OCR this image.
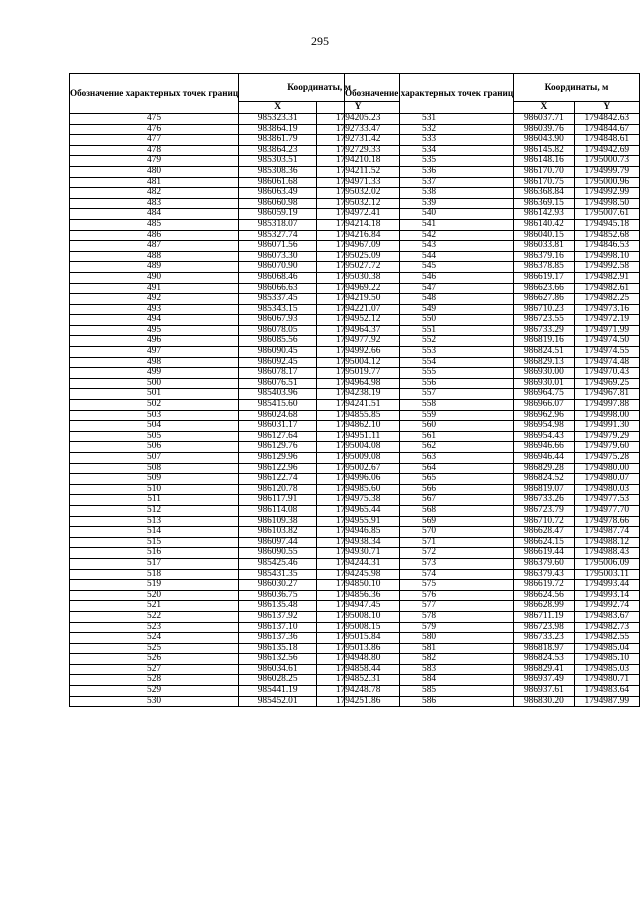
295
Обозначение характерных точек границ	Координаты, м	
	X	Y
475	985323.31	1794205.23
476	983864.19	1792733.47
477	983861.79	1792731.42
478	983864.23	1792729.33
479	985303.51	1794210.18
480	985308.36	1794211.52
481	986061.68	1794971.33
482	986063.49	1795032.02
483	986060.98	1795032.12
484	986059.19	1794972.41
485	985318.07	1794214.18
486	985327.74	1794216.84
487	986071.56	1794967.09
488	986073.30	1795025.09
489	986070.90	1795027.72
490	986068.46	1795030.38
491	986066.63	1794969.22
492	985337.45	1794219.50
493	985343.15	1794221.07
494	986067.93	1794952.12
495	986078.05	1794964.37
496	986085.56	1794977.92
497	986090.45	1794992.66
498	986092.45	1795004.12
499	986078.17	1795019.77
500	986076.51	1794964.98
501	985403.96	1794238.19
502	985415.60	1794241.51
503	986024.68	1794855.85
504	986031.17	1794862.10
505	986127.64	1794951.11
506	986129.76	1795004.08
507	986129.96	1795009.08
508	986122.96	1795002.67
509	986122.74	1794996.06
510	986120.78	1794985.60
511	986117.91	1794975.38
512	986114.08	1794965.44
513	986109.38	1794955.91
514	986103.82	1794946.85
515	986097.44	1794938.34
516	986090.55	1794930.71
517	985425.46	1794244.31
518	985431.35	1794245.98
519	986030.27	1794850.10
520	986036.75	1794856.36
521	986135.48	1794947.45
522	986137.92	1795008.10
523	986137.10	1795008.15
524	986137.36	1795015.84
525	986135.18	1795013.86
526	986132.56	1794948.80
527	986034.61	1794858.44
528	986028.25	1794852.31
529	985441.19	1794248.78
530	985452.01	1794251.86
Обозначение характерных точек границ	Координаты, м	
	X	Y
531	986037.71	1794842.63
532	986039.76	1794844.67
533	986043.90	1794848.61
534	986145.82	1794942.69
535	986148.16	1795000.73
536	986170.70	1794999.79
537	986170.75	1795000.96
538	986368.84	1794992.99
539	986369.15	1794998.50
540	986142.93	1795007.61
541	986140.42	1794945.18
542	986040.15	1794852.68
543	986033.81	1794846.53
544	986379.16	1794998.10
545	986378.85	1794992.58
546	986619.17	1794982.91
547	986623.66	1794982.61
548	986627.86	1794982.25
549	986710.23	1794973.16
550	986723.55	1794972.19
551	986733.29	1794971.99
552	986819.16	1794974.50
553	986824.51	1794974.55
554	986829.13	1794974.48
555	986930.00	1794970.43
556	986930.01	1794969.25
557	986964.75	1794967.81
558	986966.07	1794997.88
559	986962.96	1794998.00
560	986954.98	1794991.30
561	986954.43	1794979.29
562	986946.66	1794979.60
563	986946.44	1794975.28
564	986829.28	1794980.00
565	986824.52	1794980.07
566	986819.07	1794980.03
567	986733.26	1794977.53
568	986723.79	1794977.70
569	986710.72	1794978.66
570	986628.47	1794987.74
571	986624.15	1794988.12
572	986619.44	1794988.43
573	986379.60	1795006.09
574	986379.43	1795003.11
575	986619.72	1794993.44
576	986624.56	1794993.14
577	986628.99	1794992.74
578	986711.19	1794983.67
579	986723.98	1794982.73
580	986733.23	1794982.55
581	986818.97	1794985.04
582	986824.53	1794985.10
583	986829.41	1794985.03
584	986937.49	1794980.71
585	986937.61	1794983.64
586	986830.20	1794987.99
